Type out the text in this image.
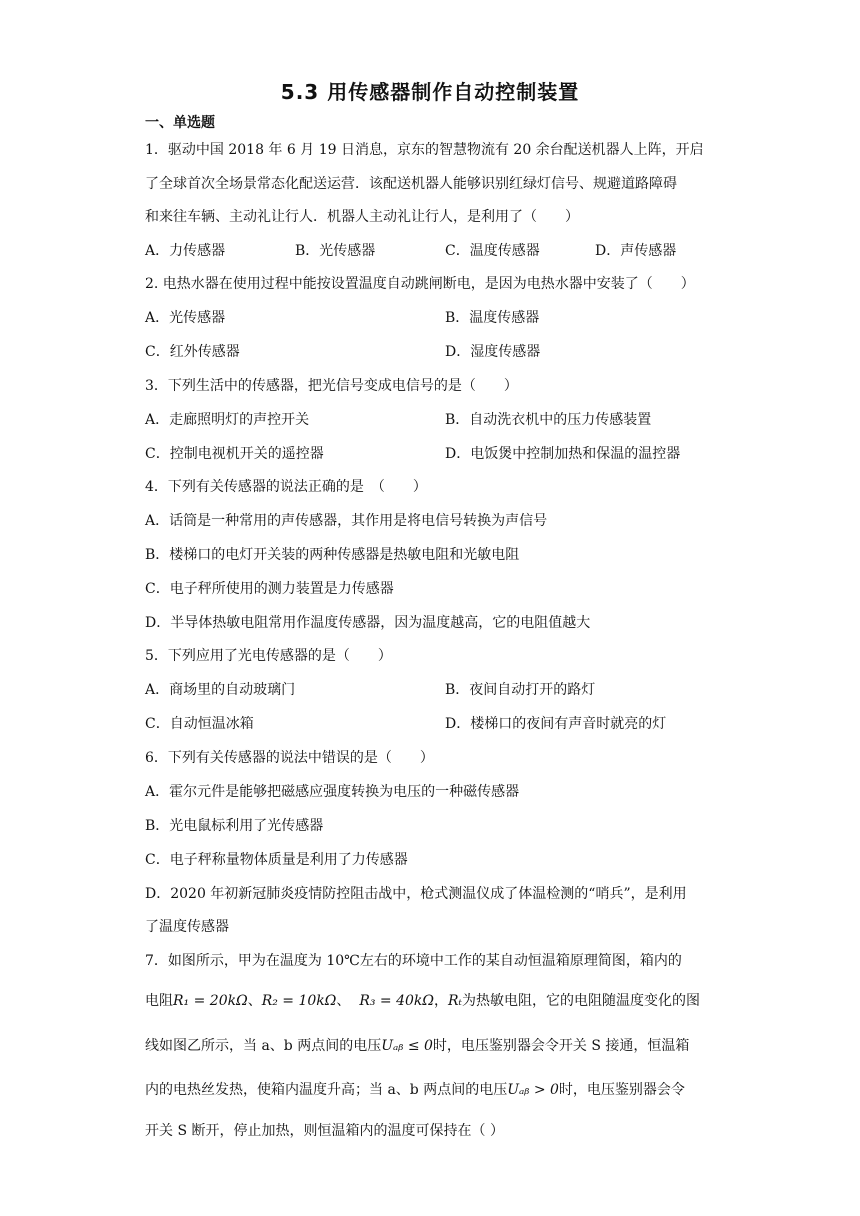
5.3 用传感器制作自动控制装置
一、单选题
1．驱动中国 2018 年 6 月 19 日消息，京东的智慧物流有 20 余台配送机器人上阵，开启
了全球首次全场景常态化配送运营．该配送机器人能够识别红绿灯信号、规避道路障碍
和来往车辆、主动礼让行人．机器人主动礼让行人，是利用了（　　）
A．力传感器	B．光传感器	C．温度传感器	D．声传感器
2. 电热水器在使用过程中能按设置温度自动跳闸断电，是因为电热水器中安装了（　　）
A．光传感器	B．温度传感器
C．红外传感器	D．湿度传感器
3．下列生活中的传感器，把光信号变成电信号的是（　　）
A．走廊照明灯的声控开关	B．自动洗衣机中的压力传感装置
C．控制电视机开关的遥控器	D．电饭煲中控制加热和保温的温控器
4．下列有关传感器的说法正确的是　（　　）
A．话筒是一种常用的声传感器，其作用是将电信号转换为声信号
B．楼梯口的电灯开关装的两种传感器是热敏电阻和光敏电阻
C．电子秤所使用的测力装置是力传感器
D．半导体热敏电阻常用作温度传感器，因为温度越高，它的电阻值越大
5．下列应用了光电传感器的是（　　）
A．商场里的自动玻璃门	B．夜间自动打开的路灯
C．自动恒温冰箱	D．楼梯口的夜间有声音时就亮的灯
6．下列有关传感器的说法中错误的是（　　）
A．霍尔元件是能够把磁感应强度转换为电压的一种磁传感器
B．光电鼠标利用了光传感器
C．电子秤称量物体质量是利用了力传感器
D．2020 年初新冠肺炎疫情防控阻击战中，枪式测温仪成了体温检测的“哨兵”，是利用
了温度传感器
7．如图所示，甲为在温度为 10℃左右的环境中工作的某自动恒温箱原理简图，箱内的
电阻R₁ = 20kΩ、R₂ = 10kΩ、 R₃ = 40kΩ，Rₜ为热敏电阻，它的电阻随温度变化的图
线如图乙所示，当 a、b 两点间的电压Uₐᵦ ≤ 0时，电压鉴别器会令开关 S 接通，恒温箱
内的电热丝发热，使箱内温度升高；当 a、b 两点间的电压Uₐᵦ > 0时，电压鉴别器会令
开关 S 断开，停止加热，则恒温箱内的温度可保持在（ ）
